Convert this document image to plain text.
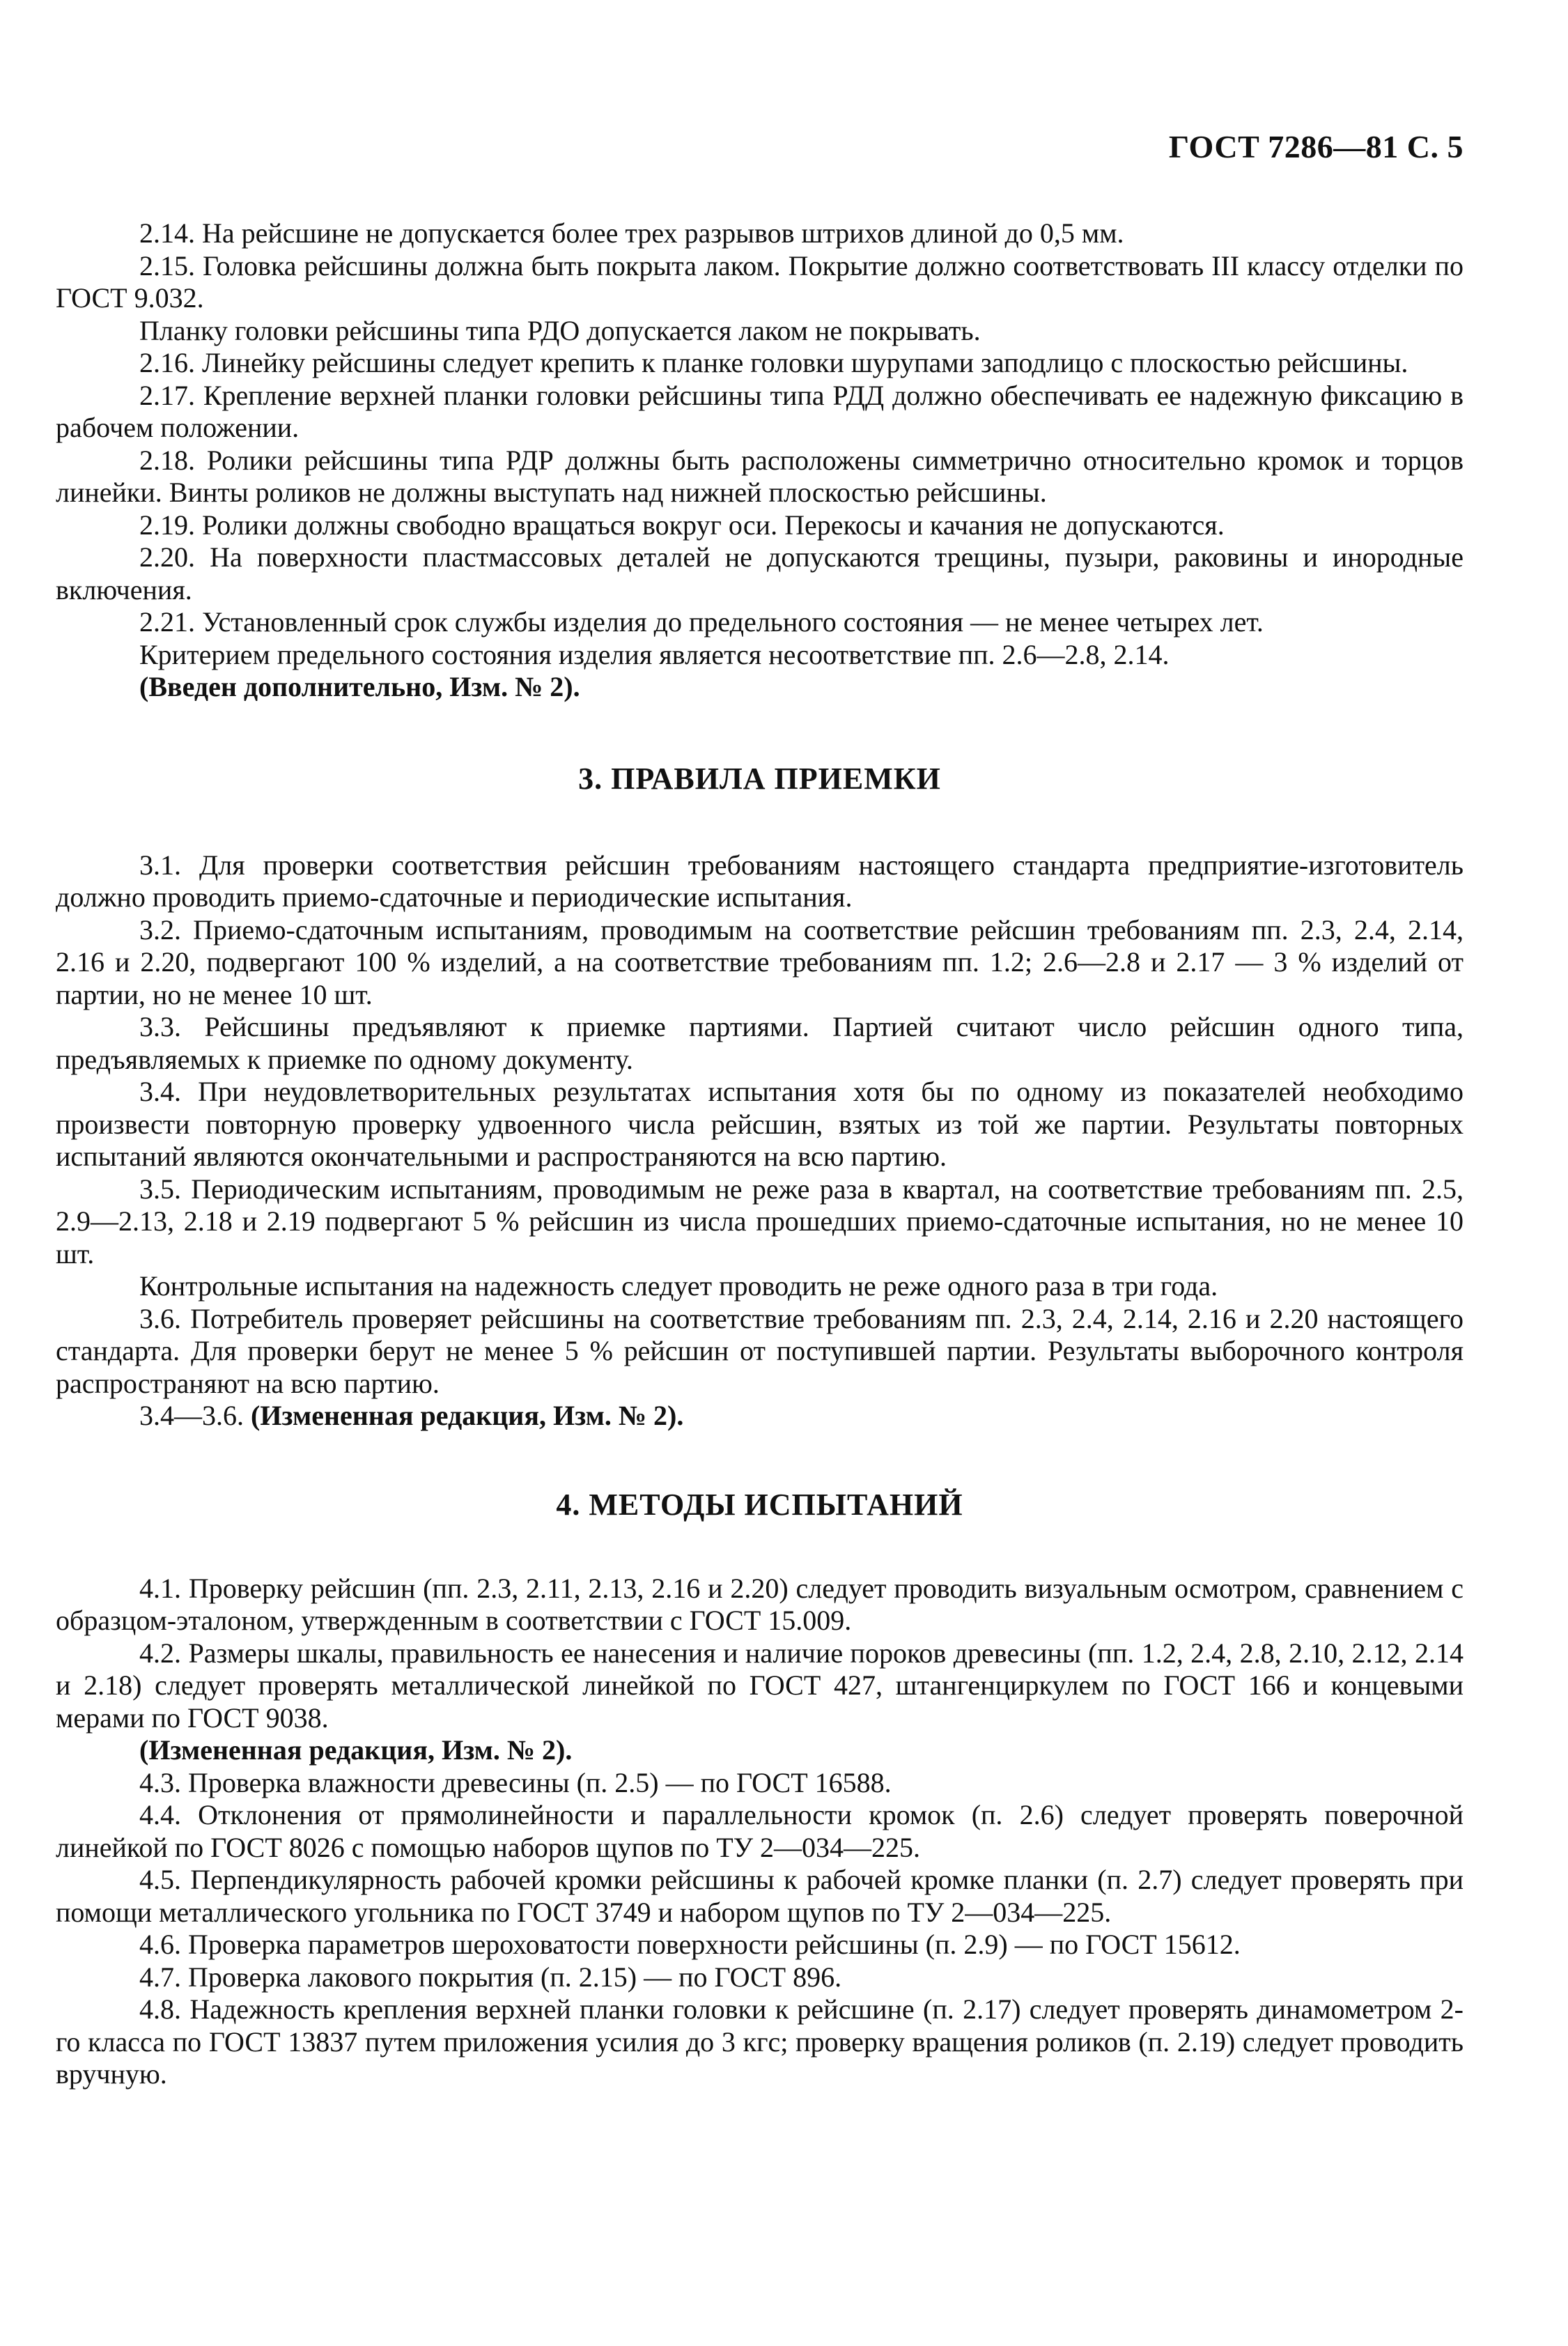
ГОСТ 7286—81 С. 5

2.14. На рейсшине не допускается более трех разрывов штрихов длиной до 0,5 мм.

2.15. Головка рейсшины должна быть покрыта лаком. Покрытие должно соответствовать III классу отделки по ГОСТ 9.032.

Планку головки рейсшины типа РДО допускается лаком не покрывать.

2.16. Линейку рейсшины следует крепить к планке головки шурупами заподлицо с плоскостью рейсшины.

2.17. Крепление верхней планки головки рейсшины типа РДД должно обеспечивать ее надежную фиксацию в рабочем положении.

2.18. Ролики рейсшины типа РДР должны быть расположены симметрично относительно кромок и торцов линейки. Винты роликов не должны выступать над нижней плоскостью рейсшины.

2.19. Ролики должны свободно вращаться вокруг оси. Перекосы и качания не допускаются.

2.20. На поверхности пластмассовых деталей не допускаются трещины, пузыри, раковины и инородные включения.

2.21. Установленный срок службы изделия до предельного состояния — не менее четырех лет.

Критерием предельного состояния изделия является несоответствие пп. 2.6—2.8, 2.14.

(Введен дополнительно, Изм. № 2).

3. ПРАВИЛА ПРИЕМКИ

3.1. Для проверки соответствия рейсшин требованиям настоящего стандарта предприятие-изготовитель должно проводить приемо-сдаточные и периодические испытания.

3.2. Приемо-сдаточным испытаниям, проводимым на соответствие рейсшин требованиям пп. 2.3, 2.4, 2.14, 2.16 и 2.20, подвергают 100 % изделий, а на соответствие требованиям пп. 1.2; 2.6—2.8 и 2.17 — 3 % изделий от партии, но не менее 10 шт.

3.3. Рейсшины предъявляют к приемке партиями. Партией считают число рейсшин одного типа, предъявляемых к приемке по одному документу.

3.4. При неудовлетворительных результатах испытания хотя бы по одному из показателей необходимо произвести повторную проверку удвоенного числа рейсшин, взятых из той же партии. Результаты повторных испытаний являются окончательными и распространяются на всю партию.

3.5. Периодическим испытаниям, проводимым не реже раза в квартал, на соответствие требованиям пп. 2.5, 2.9—2.13, 2.18 и 2.19 подвергают 5 % рейсшин из числа прошедших приемо-сдаточные испытания, но не менее 10 шт.

Контрольные испытания на надежность следует проводить не реже одного раза в три года.

3.6. Потребитель проверяет рейсшины на соответствие требованиям пп. 2.3, 2.4, 2.14, 2.16 и 2.20 настоящего стандарта. Для проверки берут не менее 5 % рейсшин от поступившей партии. Результаты выборочного контроля распространяют на всю партию.

3.4—3.6. (Измененная редакция, Изм. № 2).

4. МЕТОДЫ ИСПЫТАНИЙ

4.1. Проверку рейсшин (пп. 2.3, 2.11, 2.13, 2.16 и 2.20) следует проводить визуальным осмотром, сравнением с образцом-эталоном, утвержденным в соответствии с ГОСТ 15.009.

4.2. Размеры шкалы, правильность ее нанесения и наличие пороков древесины (пп. 1.2, 2.4, 2.8, 2.10, 2.12, 2.14 и 2.18) следует проверять металлической линейкой по ГОСТ 427, штангенциркулем по ГОСТ 166 и концевыми мерами по ГОСТ 9038.

(Измененная редакция, Изм. № 2).

4.3. Проверка влажности древесины (п. 2.5) — по ГОСТ 16588.

4.4. Отклонения от прямолинейности и параллельности кромок (п. 2.6) следует проверять поверочной линейкой по ГОСТ 8026 с помощью наборов щупов по ТУ 2—034—225.

4.5. Перпендикулярность рабочей кромки рейсшины к рабочей кромке планки (п. 2.7) следует проверять при помощи металлического угольника по ГОСТ 3749 и набором щупов по ТУ 2—034—225.

4.6. Проверка параметров шероховатости поверхности рейсшины (п. 2.9) — по ГОСТ 15612.

4.7. Проверка лакового покрытия (п. 2.15) — по ГОСТ 896.

4.8. Надежность крепления верхней планки головки к рейсшине (п. 2.17) следует проверять динамометром 2-го класса по ГОСТ 13837 путем приложения усилия до 3 кгс; проверку вращения роликов (п. 2.19) следует проводить вручную.
